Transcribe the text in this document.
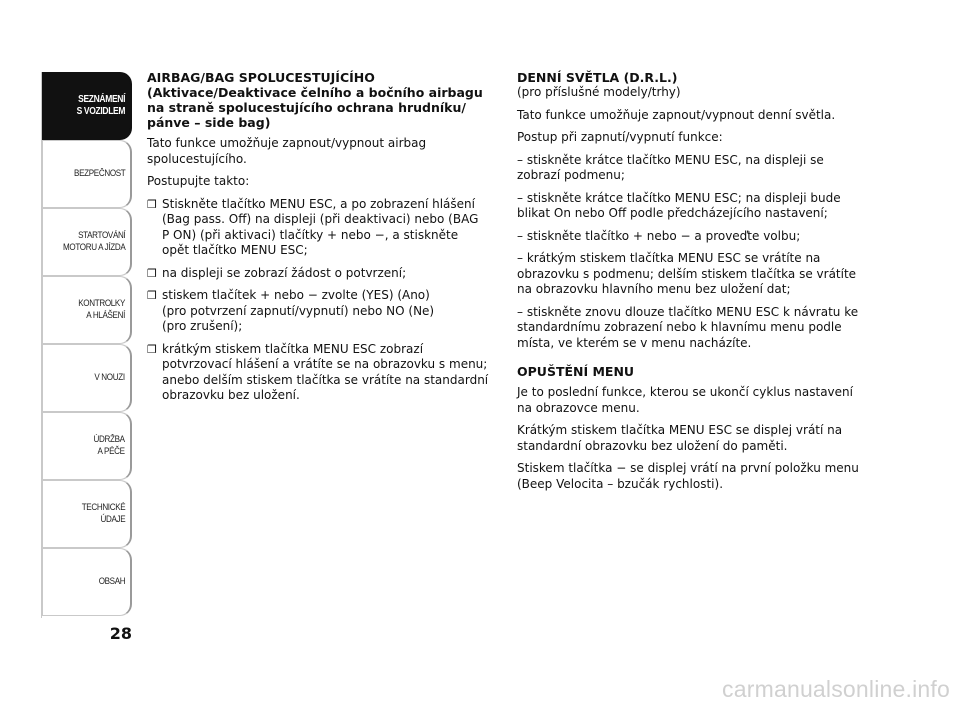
SEZNÁMENÍ
S VOZIDLEM
BEZPEČNOST
STARTOVÁNÍ
MOTORU A JÍZDA
KONTROLKY
A HLÁŠENÍ
V NOUZI
ÚDRŽBA
A PÉČE
TECHNICKÉ
ÚDAJE
OBSAH
28
AIRBAG/BAG SPOLUCESTUJÍCÍHO
(Aktivace/Deaktivace čelního a bočního airbagu
na straně spolucestujícího ochrana hrudníku/
pánve – side bag)

Tato funkce umožňuje zapnout/vypnout airbag spolucestujícího.

Postupujte takto:

❒ Stiskněte tlačítko MENU ESC, a po zobrazení hlášení
(Bag pass. Off) na displeji (při deaktivaci) nebo (BAG
P ON) (při aktivaci) tlačítky + nebo −, a stiskněte
opět tlačítko MENU ESC;
❒ na displeji se zobrazí žádost o potvrzení;
❒ stiskem tlačítek + nebo − zvolte (YES) (Ano)
(pro potvrzení zapnutí/vypnutí) nebo NO (Ne)
(pro zrušení);
❒ krátkým stiskem tlačítka MENU ESC zobrazí
potvrzovací hlášení a vrátíte se na obrazovku s menu;
anebo delším stiskem tlačítka se vrátíte na standardní
obrazovku bez uložení.
DENNÍ SVĚTLA (D.R.L.)

(pro příslušné modely/trhy)

Tato funkce umožňuje zapnout/vypnout denní světla.

Postup při zapnutí/vypnutí funkce:

– stiskněte krátce tlačítko MENU ESC, na displeji se zobrazí podmenu;

– stiskněte krátce tlačítko MENU ESC; na displeji bude blikat On nebo Off podle předcházejícího nastavení;

– stiskněte tlačítko + nebo − a proveďte volbu;

– krátkým stiskem tlačítka MENU ESC se vrátíte na obrazovku s podmenu; delším stiskem tlačítka se vrátíte na obrazovku hlavního menu bez uložení dat;

– stiskněte znovu dlouze tlačítko MENU ESC k návratu ke standardnímu zobrazení nebo k hlavnímu menu podle místa, ve kterém se v menu nacházíte.

OPUŠTĚNÍ MENU

Je to poslední funkce, kterou se ukončí cyklus nastavení na obrazovce menu.

Krátkým stiskem tlačítka MENU ESC se displej vrátí na standardní obrazovku bez uložení do paměti.

Stiskem tlačítka − se displej vrátí na první položku menu (Beep Velocita – bzučák rychlosti).

carmanualsonline.info
